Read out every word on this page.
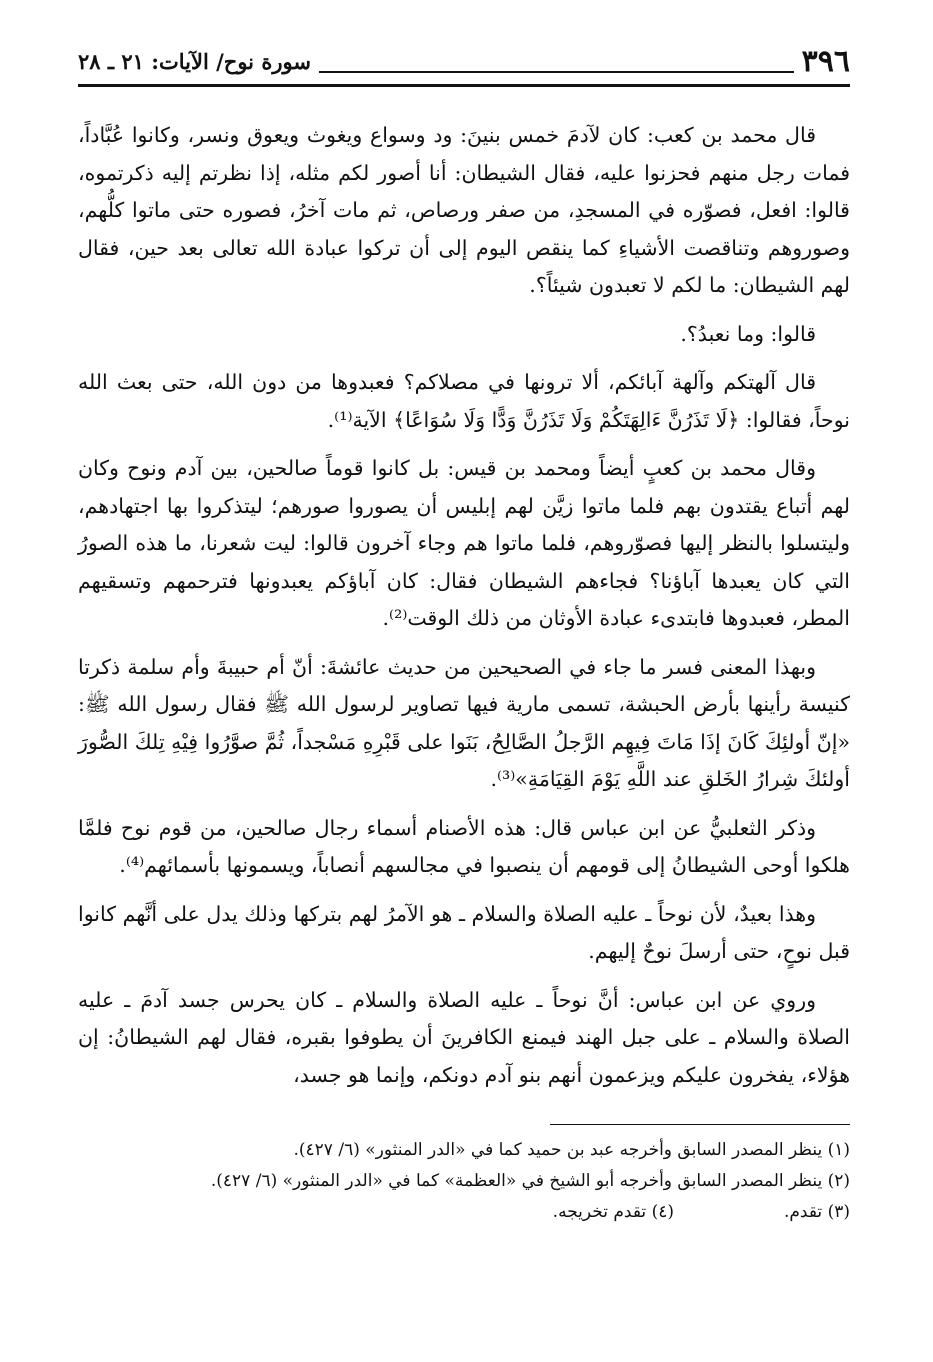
٣٩٦
سورة نوح/ الآيات: ٢١ ـ ٢٨

قال محمد بن كعب: كان لآدمَ خمس بنينَ: ود وسواع ويغوث ويعوق ونسر، وكانوا عُبَّاداً، فمات رجل منهم فحزنوا عليه، فقال الشيطان: أنا أصور لكم مثله، إذا نظرتم إليه ذكرتموه، قالوا: افعل، فصوّره في المسجدِ، من صفر ورصاص، ثم مات آخرُ، فصوره حتى ماتوا كلُّهم، وصوروهم وتناقصت الأشياءِ كما ينقص اليوم إلى أن تركوا عبادة الله تعالى بعد حين، فقال لهم الشيطان: ما لكم لا تعبدون شيئاً؟.

قالوا: وما نعبدُ؟.

قال آلهتكم وآلهة آبائكم، ألا ترونها في مصلاكم؟ فعبدوها من دون الله، حتى بعث الله نوحاً، فقالوا: ﴿لَا تَذَرُنَّ ءَالِهَتَكُمْ وَلَا تَذَرُنَّ وَدًّا وَلَا سُوَاعًا﴾ الآية⁽¹⁾.

وقال محمد بن كعبٍ أيضاً ومحمد بن قيس: بل كانوا قوماً صالحين، بين آدم ونوح وكان لهم أتباع يقتدون بهم فلما ماتوا زيَّن لهم إبليس أن يصوروا صورهم؛ ليتذكروا بها اجتهادهم، وليتسلوا بالنظر إليها فصوّروهم، فلما ماتوا هم وجاء آخرون قالوا: ليت شعرنا، ما هذه الصورُ التي كان يعبدها آباؤنا؟ فجاءهم الشيطان فقال: كان آباؤكم يعبدونها فترحمهم وتسقيهم المطر، فعبدوها فابتدىء عبادة الأوثان من ذلك الوقت⁽²⁾.

وبهذا المعنى فسر ما جاء في الصحيحين من حديث عائشةَ: أنّ أم حبيبةَ وأم سلمة ذكرتا كنيسة رأينها بأرض الحبشة، تسمى مارية فيها تصاوير لرسول الله ﷺ فقال رسول الله ﷺ: «إنّ أولئِكَ كَانَ إذَا مَاتَ فِيهِم الرَّجلُ الصَّالِحُ، بَنَوا على قَبْرِهِ مَسْجداً، ثُمَّ صوَّرُوا فِيْهِ تِلكَ الصُّورَ أولئكَ شِرارُ الخَلقِ عند اللَّهِ يَوْمَ القِيَامَةِ»⁽³⁾.

وذكر الثعلبيُّ عن ابن عباس قال: هذه الأصنام أسماء رجال صالحين، من قوم نوح فلمَّا هلكوا أوحى الشيطانُ إلى قومهم أن ينصبوا في مجالسهم أنصاباً، ويسمونها بأسمائهم⁽⁴⁾.

وهذا بعيدٌ، لأن نوحاً ـ عليه الصلاة والسلام ـ هو الآمرُ لهم بتركها وذلك يدل على أنَّهم كانوا قبل نوحٍ، حتى أرسلَ نوحٌ إليهم.

وروي عن ابن عباس: أنَّ نوحاً ـ عليه الصلاة والسلام ـ كان يحرس جسد آدمَ ـ عليه الصلاة والسلام ـ على جبل الهند فيمنع الكافرينَ أن يطوفوا بقبره، فقال لهم الشيطانُ: إن هؤلاء، يفخرون عليكم ويزعمون أنهم بنو آدم دونكم، وإنما هو جسد،

(١) ينظر المصدر السابق وأخرجه عبد بن حميد كما في «الدر المنثور» (٦/ ٤٢٧).

(٢) ينظر المصدر السابق وأخرجه أبو الشيخ في «العظمة» كما في «الدر المنثور» (٦/ ٤٢٧).

(٣) تقدم.
(٤) تقدم تخريجه.
